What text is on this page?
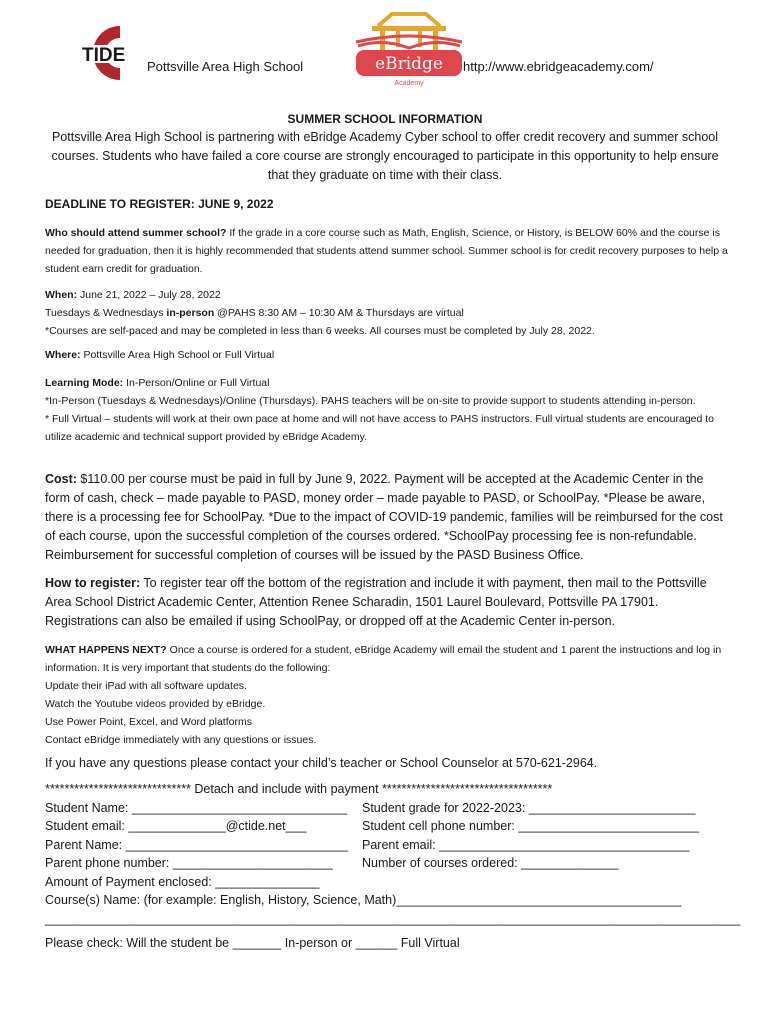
TIDE
Pottsville Area High School	eBridge
Academy
http://www.ebridgeacademy.com/
SUMMER SCHOOL INFORMATION
Pottsville Area High School is partnering with eBridge Academy Cyber school to offer credit recovery and summer school courses. Students who have failed a core course are strongly encouraged to participate in this opportunity to help ensure that they graduate on time with their class.
DEADLINE TO REGISTER: JUNE 9, 2022
Who should attend summer school? If the grade in a core course such as Math, English, Science, or History, is BELOW 60% and the course is needed for graduation, then it is highly recommended that students attend summer school. Summer school is for credit recovery purposes to help a student earn credit for graduation.
When: June 21, 2022 – July 28, 2022
Tuesdays & Wednesdays in-person @PAHS 8:30 AM – 10:30 AM & Thursdays are virtual
*Courses are self-paced and may be completed in less than 6 weeks. All courses must be completed by July 28, 2022.
Where: Pottsville Area High School or Full Virtual
Learning Mode: In-Person/Online or Full Virtual
*In-Person (Tuesdays & Wednesdays)/Online (Thursdays). PAHS teachers will be on-site to provide support to students attending in-person.
* Full Virtual – students will work at their own pace at home and will not have access to PAHS instructors. Full virtual students are encouraged to utilize academic and technical support provided by eBridge Academy.
Cost: $110.00 per course must be paid in full by June 9, 2022. Payment will be accepted at the Academic Center in the form of cash, check – made payable to PASD, money order – made payable to PASD, or SchoolPay. *Please be aware, there is a processing fee for SchoolPay. *Due to the impact of COVID-19 pandemic, families will be reimbursed for the cost of each course, upon the successful completion of the courses ordered. *SchoolPay processing fee is non-refundable. Reimbursement for successful completion of courses will be issued by the PASD Business Office.
How to register: To register tear off the bottom of the registration and include it with payment, then mail to the Pottsville Area School District Academic Center, Attention Renee Scharadin, 1501 Laurel Boulevard, Pottsville PA 17901. Registrations can also be emailed if using SchoolPay, or dropped off at the Academic Center in-person.
WHAT HAPPENS NEXT? Once a course is ordered for a student, eBridge Academy will email the student and 1 parent the instructions and log in information. It is very important that students do the following:
Update their iPad with all software updates.
Watch the Youtube videos provided by eBridge.
Use Power Point, Excel, and Word platforms
Contact eBridge immediately with any questions or issues.
If you have any questions please contact your child’s teacher or School Counselor at 570-621-2964.
****************************** Detach and include with payment ***********************************
Student Name: _______________________________ Student grade for 2022-2023: ________________________
Student email: ______________@ctide.net___	Student cell phone number: __________________________
Parent Name: ________________________________ Parent email: ____________________________________
Parent phone number: _______________________ Number of courses ordered: ______________
Amount of Payment enclosed: _______________
Course(s) Name: (for example: English, History, Science, Math)_________________________________________
____________________________________________________________________________________________________
Please check: Will the student be _______ In-person or ______ Full Virtual
